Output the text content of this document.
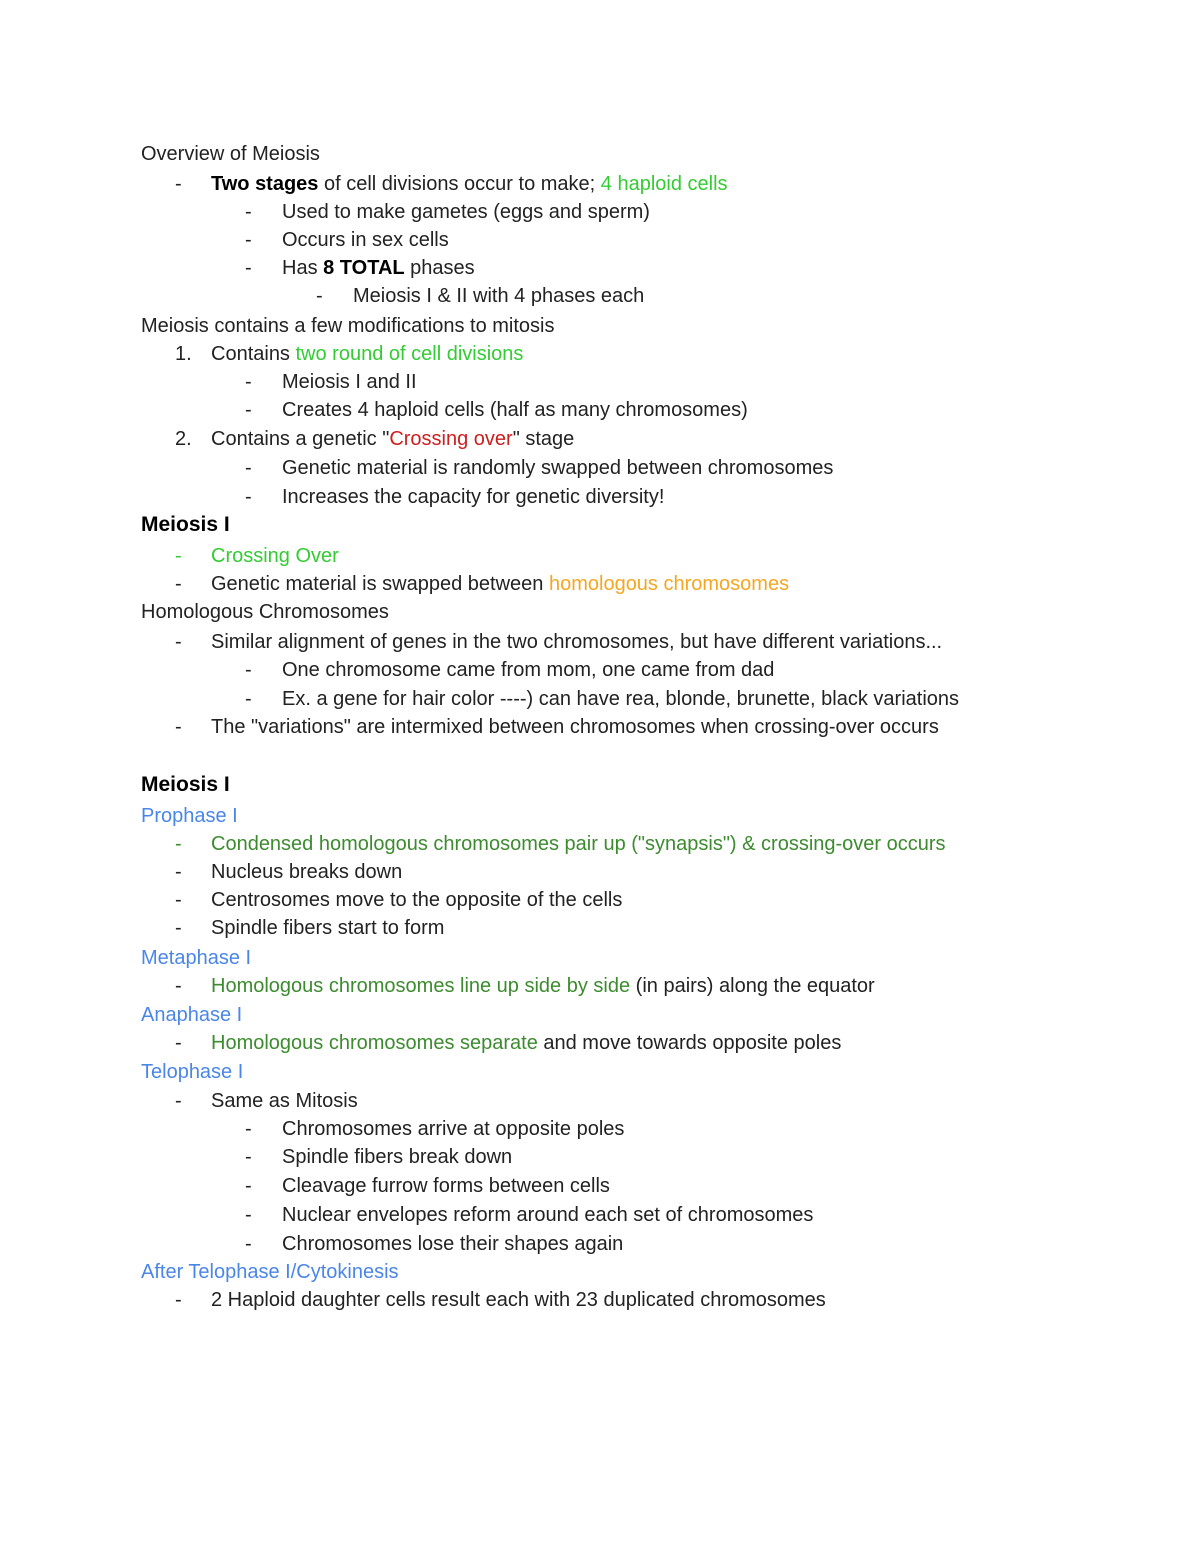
Overview of Meiosis
-	Two stages of cell divisions occur to make; 4 haploid cells
-	Used to make gametes (eggs and sperm)
-	Occurs in sex cells
-	Has 8 TOTAL phases
-	Meiosis I & II with 4 phases each
Meiosis contains a few modifications to mitosis
1. Contains two round of cell divisions
-	Meiosis I and II
-	Creates 4 haploid cells (half as many chromosomes)
2. Contains a genetic "Crossing over" stage
-	Genetic material is randomly swapped between chromosomes
-	Increases the capacity for genetic diversity!
Meiosis I
-	Crossing Over
-	Genetic material is swapped between homologous chromosomes
Homologous Chromosomes
-	Similar alignment of genes in the two chromosomes, but have different variations...
-	One chromosome came from mom, one came from dad
-	Ex. a gene for hair color ----) can have rea, blonde, brunette, black variations
-	The "variations" are intermixed between chromosomes when crossing-over occurs
Meiosis I
Prophase I
-	Condensed homologous chromosomes pair up ("synapsis") & crossing-over occurs
-	Nucleus breaks down
-	Centrosomes move to the opposite of the cells
-	Spindle fibers start to form
Metaphase I
-	Homologous chromosomes line up side by side (in pairs) along the equator
Anaphase I
-	Homologous chromosomes separate and move towards opposite poles
Telophase I
-	Same as Mitosis
-	Chromosomes arrive at opposite poles
-	Spindle fibers break down
-	Cleavage furrow forms between cells
-	Nuclear envelopes reform around each set of chromosomes
-	Chromosomes lose their shapes again
After Telophase I/Cytokinesis
-	2 Haploid daughter cells result each with 23 duplicated chromosomes
